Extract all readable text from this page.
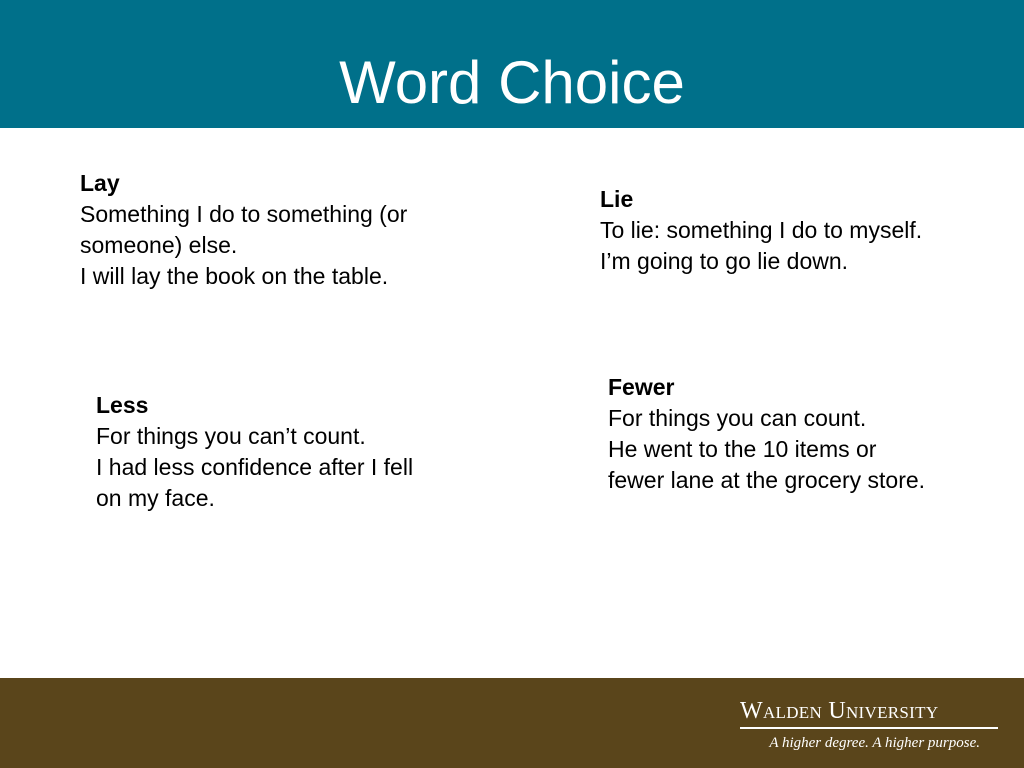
Word Choice
Lay
Something I do to something (or
someone) else.
I will lay the book on the table.
Lie
To lie: something I do to myself.
I’m going to go lie down.
Less
For things you can’t count.
I had less confidence after I fell
on my face.
Fewer
For things you can count.
He went to the 10 items or
fewer lane at the grocery store.
Walden University
A higher degree. A higher purpose.
